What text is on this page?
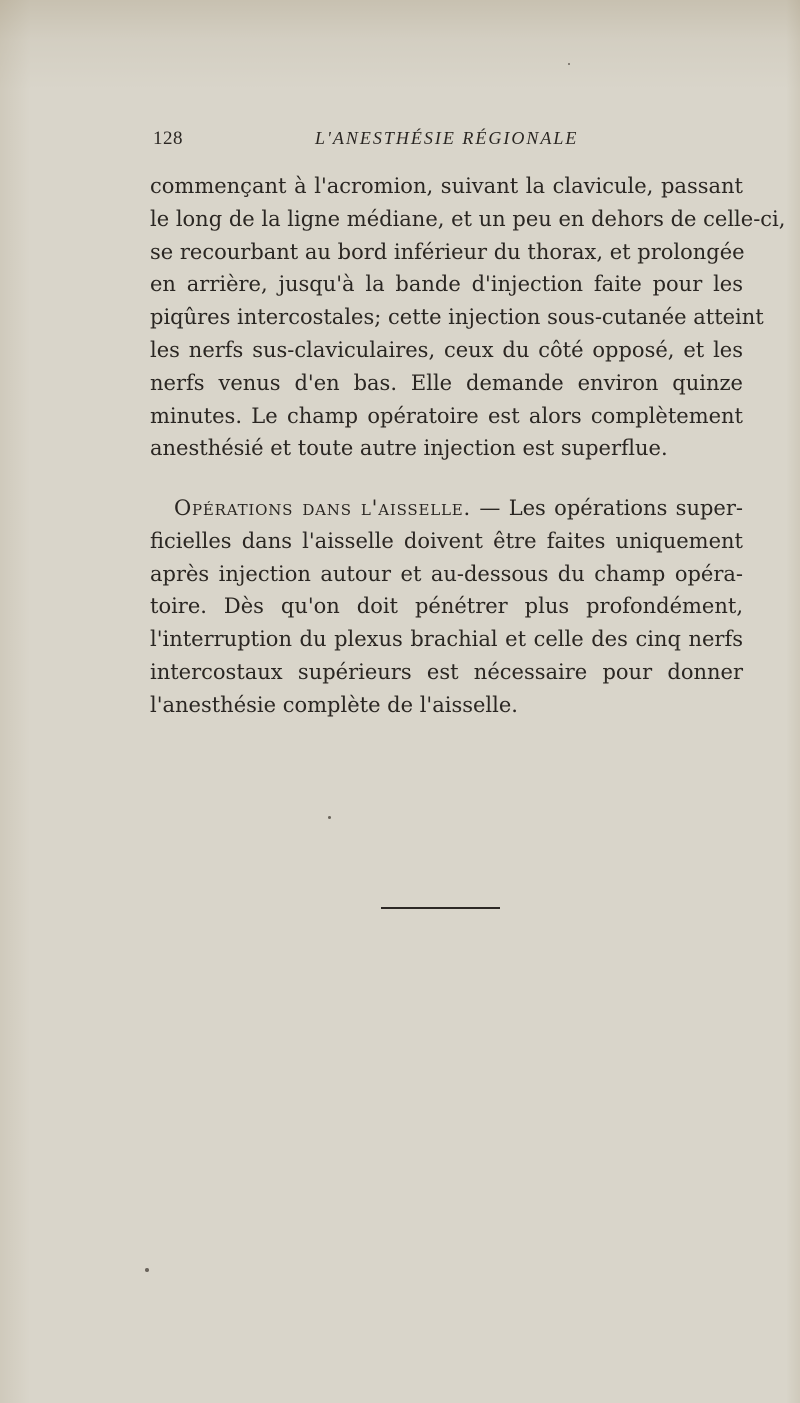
128	L'ANESTHÉSIE RÉGIONALE
commençant à l'acromion, suivant la clavicule, passant
le long de la ligne médiane, et un peu en dehors de celle-ci,
se recourbant au bord inférieur du thorax, et prolongée
en arrière, jusqu'à la bande d'injection faite pour les
piqûres intercostales; cette injection sous-cutanée atteint
les nerfs sus-claviculaires, ceux du côté opposé, et les
nerfs venus d'en bas. Elle demande environ quinze
minutes. Le champ opératoire est alors complètement
anesthésié et toute autre injection est superflue.
Opérations dans l'aisselle. — Les opérations super-
ficielles dans l'aisselle doivent être faites uniquement
après injection autour et au-dessous du champ opéra-
toire. Dès qu'on doit pénétrer plus profondément,
l'interruption du plexus brachial et celle des cinq nerfs
intercostaux supérieurs est nécessaire pour donner
l'anesthésie complète de l'aisselle.
